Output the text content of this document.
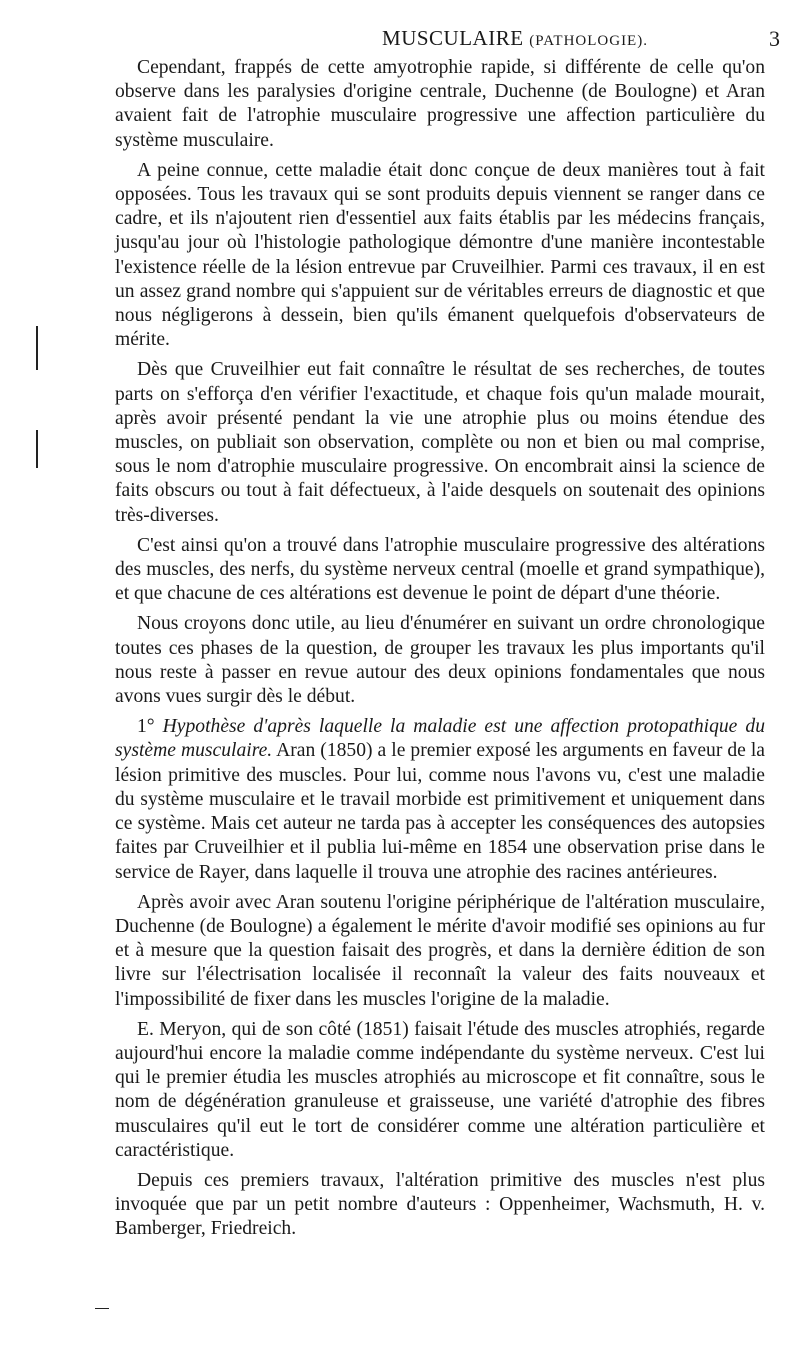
MUSCULAIRE (PATHOLOGIE).	3

Cependant, frappés de cette amyotrophie rapide, si différente de celle qu'on observe dans les paralysies d'origine centrale, Duchenne (de Boulogne) et Aran avaient fait de l'atrophie musculaire progressive une affection particulière du système musculaire.

A peine connue, cette maladie était donc conçue de deux manières tout à fait opposées. Tous les travaux qui se sont produits depuis viennent se ranger dans ce cadre, et ils n'ajoutent rien d'essentiel aux faits établis par les médecins français, jusqu'au jour où l'histologie pathologique démontre d'une manière incontestable l'existence réelle de la lésion entrevue par Cruveilhier. Parmi ces travaux, il en est un assez grand nombre qui s'appuient sur de véritables erreurs de diagnostic et que nous négligerons à dessein, bien qu'ils émanent quelquefois d'observateurs de mérite.

Dès que Cruveilhier eut fait connaître le résultat de ses recherches, de toutes parts on s'efforça d'en vérifier l'exactitude, et chaque fois qu'un malade mourait, après avoir présenté pendant la vie une atrophie plus ou moins étendue des muscles, on publiait son observation, complète ou non et bien ou mal comprise, sous le nom d'atrophie musculaire progressive. On encombrait ainsi la science de faits obscurs ou tout à fait défectueux, à l'aide desquels on soutenait des opinions très-diverses.

C'est ainsi qu'on a trouvé dans l'atrophie musculaire progressive des altérations des muscles, des nerfs, du système nerveux central (moelle et grand sympathique), et que chacune de ces altérations est devenue le point de départ d'une théorie.

Nous croyons donc utile, au lieu d'énumérer en suivant un ordre chronologique toutes ces phases de la question, de grouper les travaux les plus importants qu'il nous reste à passer en revue autour des deux opinions fondamentales que nous avons vues surgir dès le début.

1° Hypothèse d'après laquelle la maladie est une affection protopathique du système musculaire. Aran (1850) a le premier exposé les arguments en faveur de la lésion primitive des muscles. Pour lui, comme nous l'avons vu, c'est une maladie du système musculaire et le travail morbide est primitivement et uniquement dans ce système. Mais cet auteur ne tarda pas à accepter les conséquences des autopsies faites par Cruveilhier et il publia lui-même en 1854 une observation prise dans le service de Rayer, dans laquelle il trouva une atrophie des racines antérieures.

Après avoir avec Aran soutenu l'origine périphérique de l'altération musculaire, Duchenne (de Boulogne) a également le mérite d'avoir modifié ses opinions au fur et à mesure que la question faisait des progrès, et dans la dernière édition de son livre sur l'électrisation localisée il reconnaît la valeur des faits nouveaux et l'impossibilité de fixer dans les muscles l'origine de la maladie.

E. Meryon, qui de son côté (1851) faisait l'étude des muscles atrophiés, regarde aujourd'hui encore la maladie comme indépendante du système nerveux. C'est lui qui le premier étudia les muscles atrophiés au microscope et fit connaître, sous le nom de dégénération granuleuse et graisseuse, une variété d'atrophie des fibres musculaires qu'il eut le tort de considérer comme une altération particulière et caractéristique.

Depuis ces premiers travaux, l'altération primitive des muscles n'est plus invoquée que par un petit nombre d'auteurs : Oppenheimer, Wachsmuth, H. v. Bamberger, Friedreich.
